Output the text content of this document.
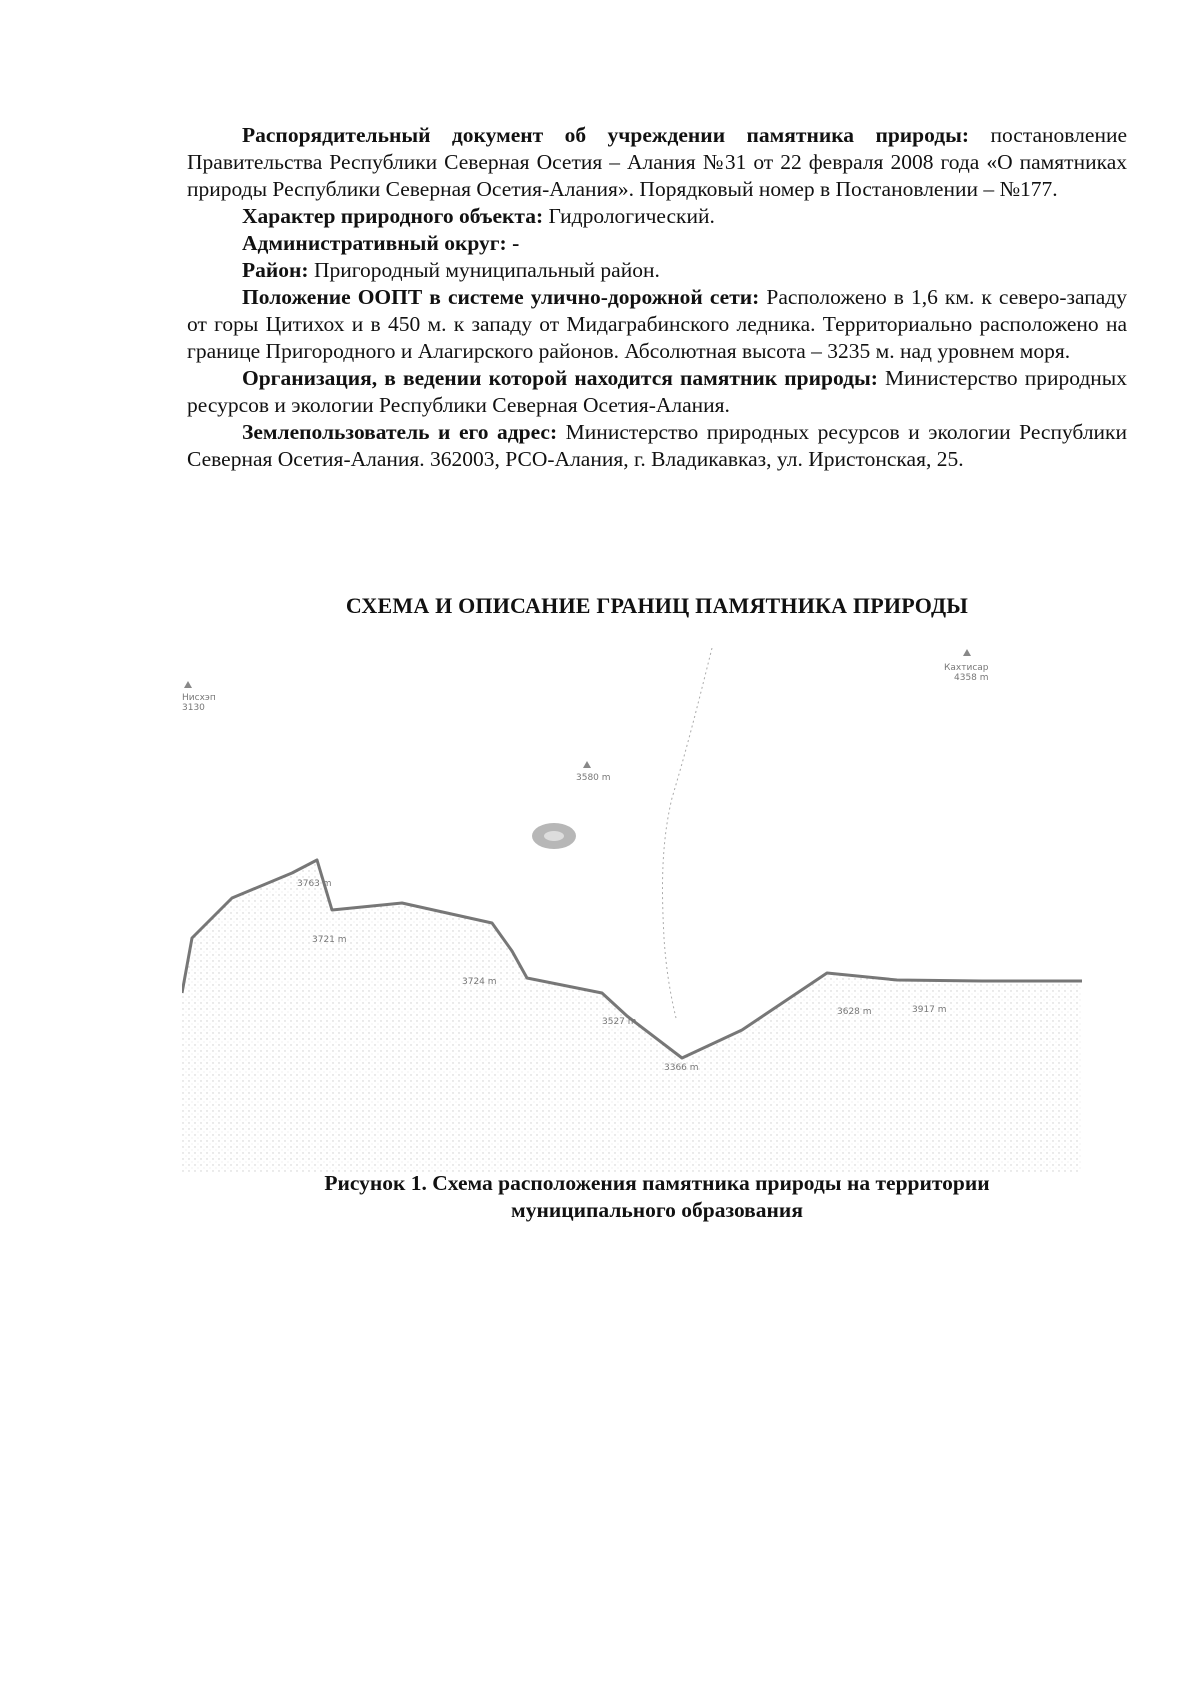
Распорядительный документ об учреждении памятника природы: постановление Правительства Республики Северная Осетия – Алания №31 от 22 февраля 2008 года «О памятниках природы Республики Северная Осетия-Алания». Порядковый номер в Постановлении – №177.

Характер природного объекта: Гидрологический.

Административный округ: -

Район: Пригородный муниципальный район.

Положение ООПТ в системе улично-дорожной сети: Расположено в 1,6 км. к северо-западу от горы Цитихох и в 450 м. к западу от Мидаграбинского ледника. Территориально расположено на границе Пригородного и Алагирского районов. Абсолютная высота – 3235 м. над уровнем моря.

Организация, в ведении которой находится памятник природы: Министерство природных ресурсов и экологии Республики Северная Осетия-Алания.

Землепользователь и его адрес: Министерство природных ресурсов и экологии Республики Северная Осетия-Алания. 362003, РСО-Алания, г. Владикавказ, ул. Иристонская, 25.

СХЕМА И ОПИСАНИЕ ГРАНИЦ ПАМЯТНИКА ПРИРОДЫ
Нисхэп
3130
Кахтисар
4358 m
3580 m
3763 m
3721 m
3724 m
3527 m
3366 m
3628 m	3917 m
Рисунок 1. Схема расположения памятника природы на территории
муниципального образования
